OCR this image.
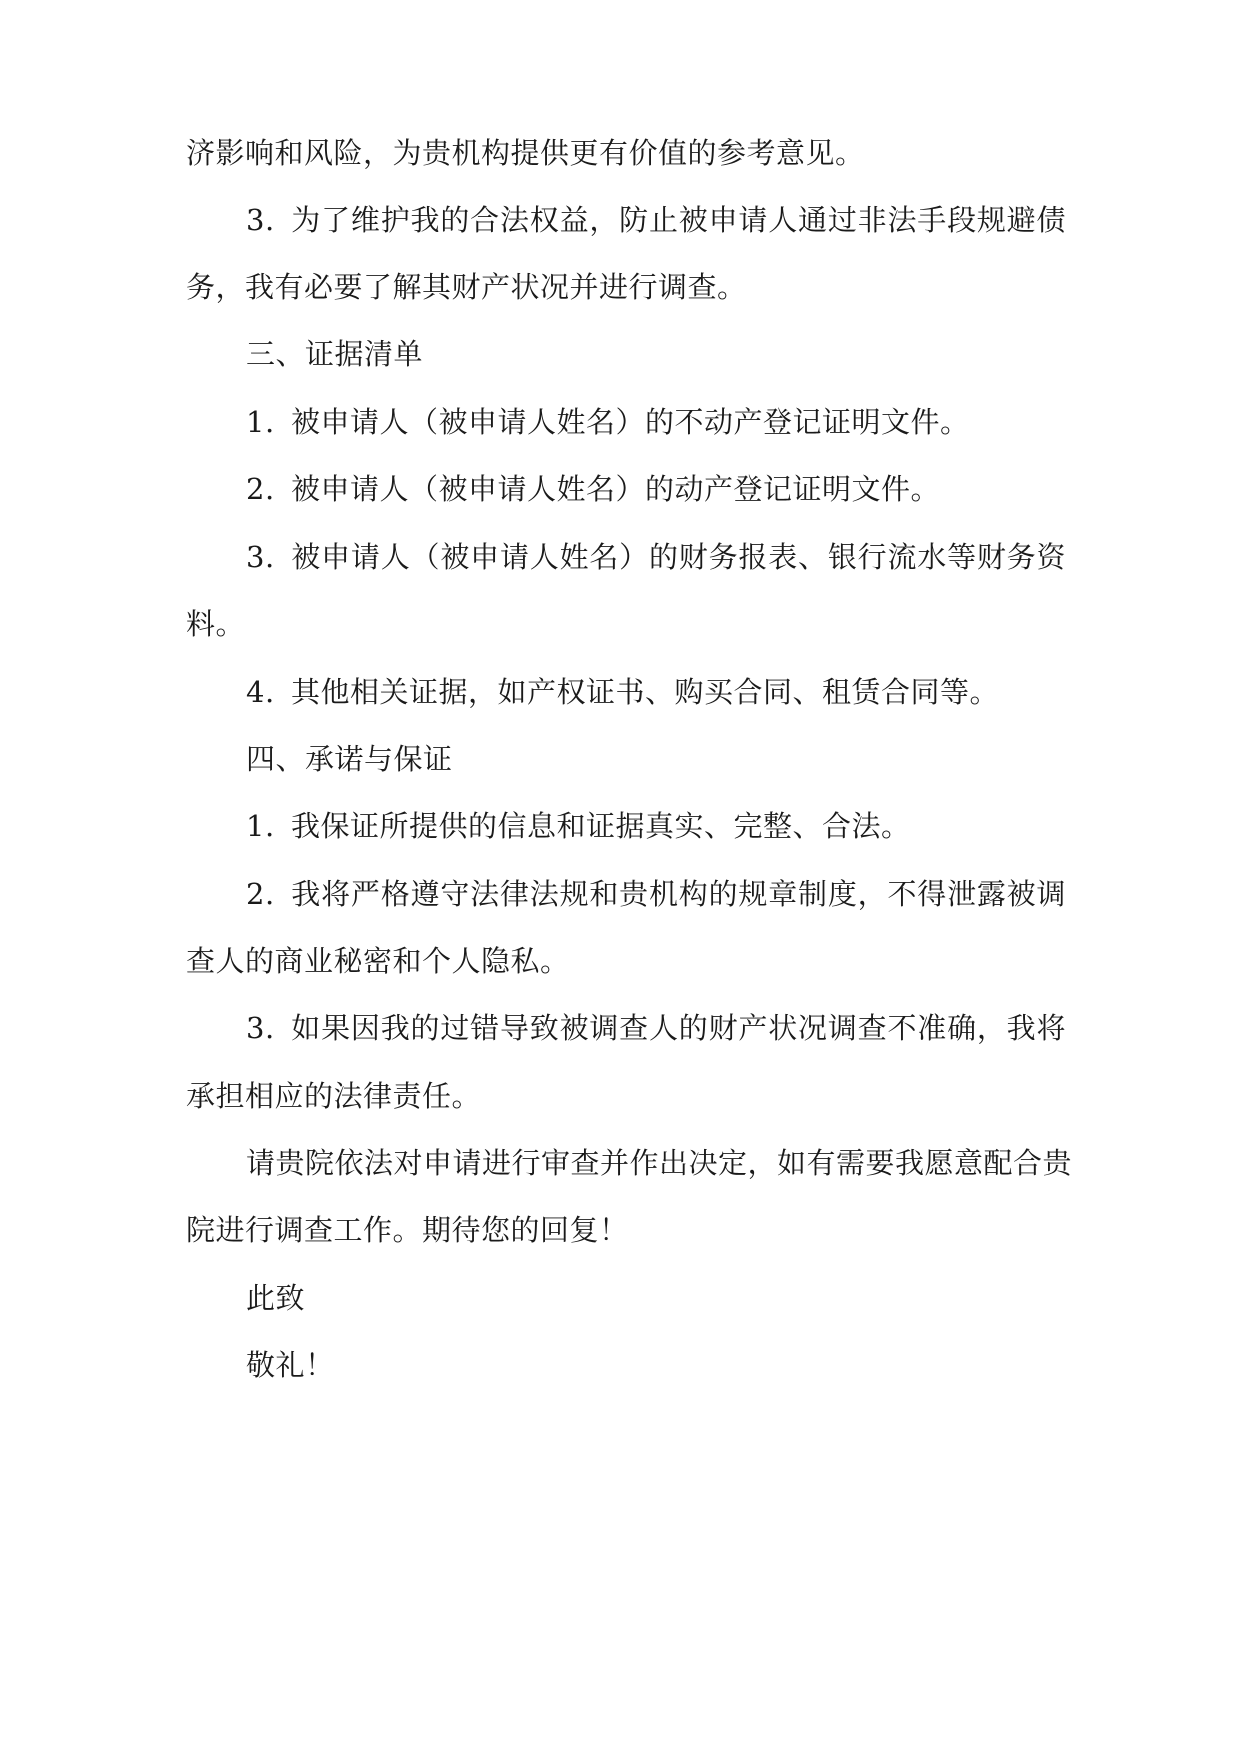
济影响和风险，为贵机构提供更有价值的参考意见。
3. 为了维护我的合法权益，防止被申请人通过非法手段规避债
务，我有必要了解其财产状况并进行调查。
三、证据清单
1. 被申请人（被申请人姓名）的不动产登记证明文件。
2. 被申请人（被申请人姓名）的动产登记证明文件。
3. 被申请人（被申请人姓名）的财务报表、银行流水等财务资
料。
4. 其他相关证据，如产权证书、购买合同、租赁合同等。
四、承诺与保证
1. 我保证所提供的信息和证据真实、完整、合法。
2. 我将严格遵守法律法规和贵机构的规章制度，不得泄露被调
查人的商业秘密和个人隐私。
3. 如果因我的过错导致被调查人的财产状况调查不准确，我将
承担相应的法律责任。
请贵院依法对申请进行审查并作出决定，如有需要我愿意配合贵
院进行调查工作。期待您的回复！
此致
敬礼！
